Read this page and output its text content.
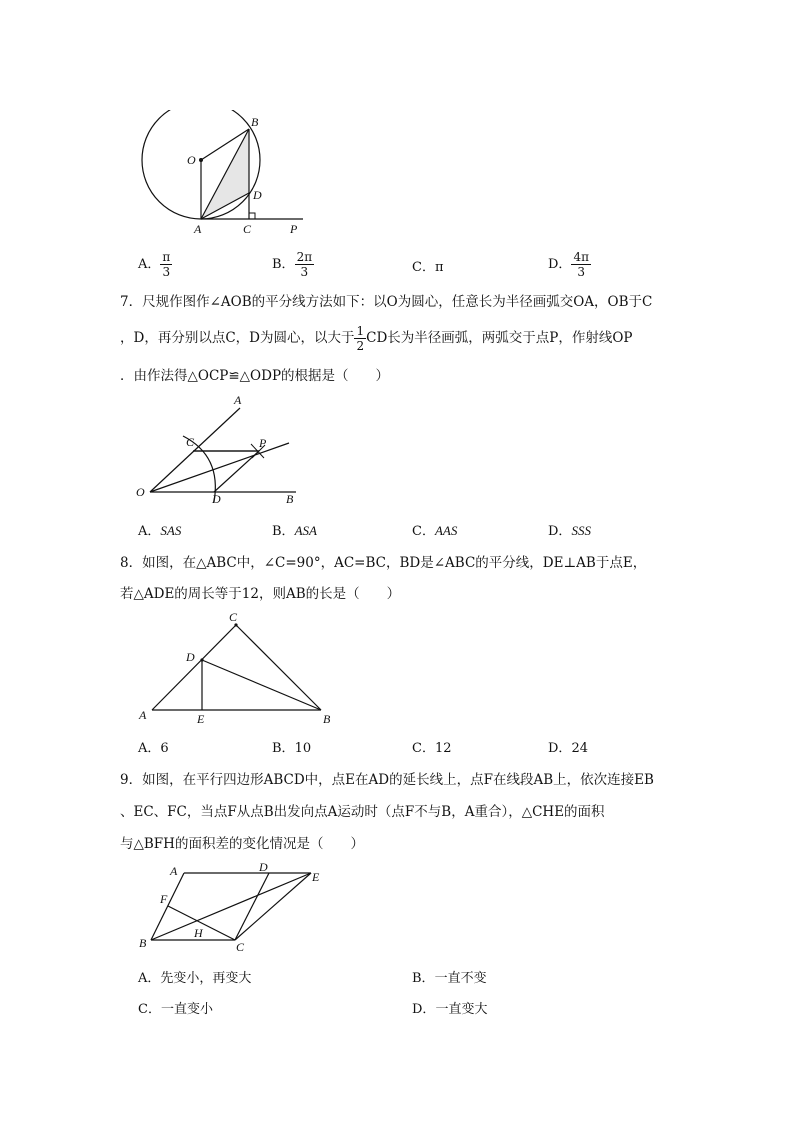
B
O
D
A	C	P
A． $\frac{\pi}{3}$	B． $\frac{2\pi}{3}$	C．π	D． $\frac{4\pi}{3}$
7．尺规作图作∠AOB的平分线方法如下：以O为圆心，任意长为半径画弧交OA，OB于C
，D，再分别以点C，D为圆心，以大于 $\frac{1}{2}$ CD长为半径画弧，两弧交于点P，作射线OP
．由作法得△OCP≌△ODP的根据是（　　）
A
C	P
O	D	B
A．SAS	B．ASA	C．AAS	D．SSS
8．如图，在△ABC中，∠C=90°，AC=BC，BD是∠ABC的平分线，DE⊥AB于点E，
若△ADE的周长等于12，则AB的长是（　　）
C
D
A	E	B
A．6	B．10	C．12	D．24
9．如图，在平行四边形ABCD中，点E在AD的延长线上，点F在线段AB上，依次连接EB
、EC、FC，当点F从点B出发向点A运动时（点F不与B，A重合），△CHE的面积
与△BFH的面积差的变化情况是（　　）
A	D
E
F
H
B	C
A．先变小，再变大	B．一直不变
C．一直变小	D．一直变大
